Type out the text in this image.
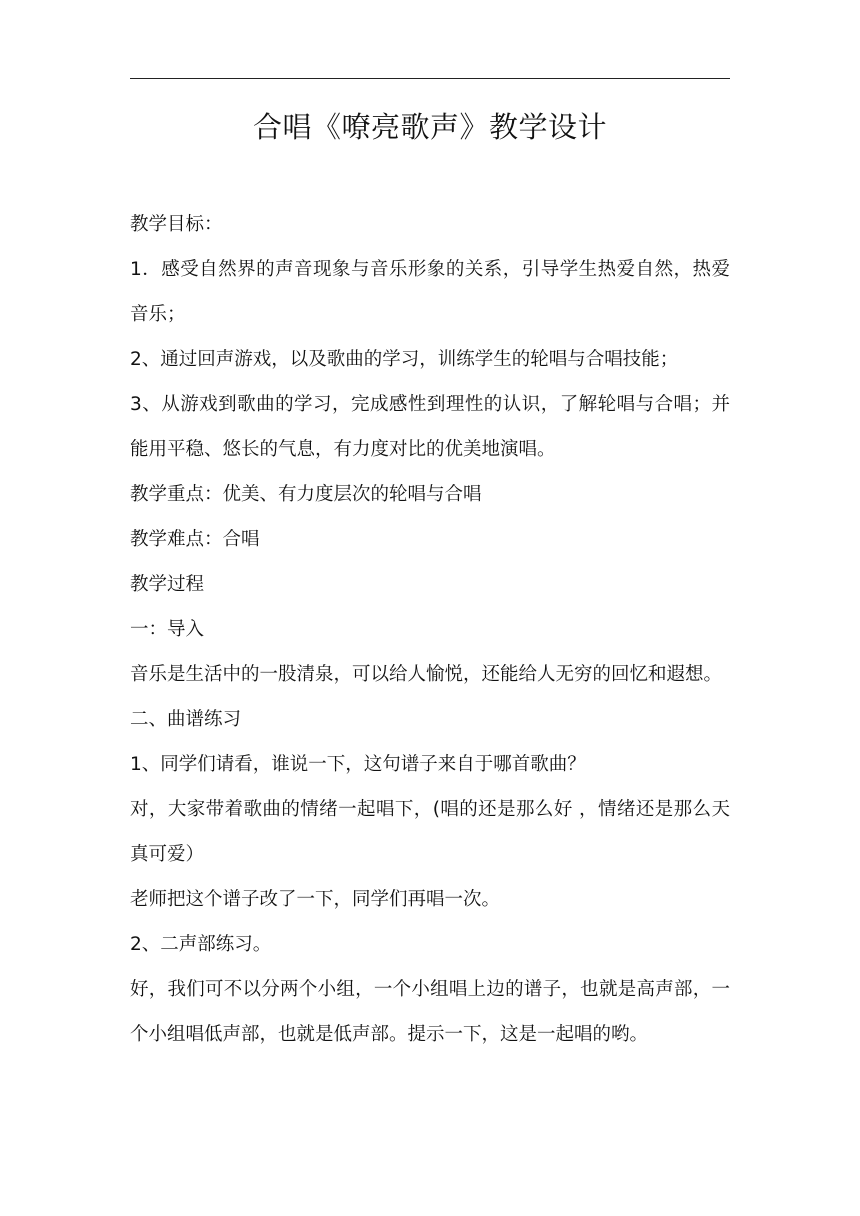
合唱《嘹亮歌声》教学设计

教学目标：

1．感受自然界的声音现象与音乐形象的关系，引导学生热爱自然，热爱音乐；

2、通过回声游戏，以及歌曲的学习，训练学生的轮唱与合唱技能；

3、从游戏到歌曲的学习，完成感性到理性的认识，了解轮唱与合唱；并能用平稳、悠长的气息，有力度对比的优美地演唱。

教学重点：优美、有力度层次的轮唱与合唱

教学难点：合唱

教学过程

一：导入

音乐是生活中的一股清泉，可以给人愉悦，还能给人无穷的回忆和遐想。

二、曲谱练习

1、同学们请看，谁说一下，这句谱子来自于哪首歌曲？

对，大家带着歌曲的情绪一起唱下，(唱的还是那么好 ，情绪还是那么天真可爱）

老师把这个谱子改了一下，同学们再唱一次。

2、二声部练习。

好，我们可不以分两个小组，一个小组唱上边的谱子，也就是高声部，一个小组唱低声部，也就是低声部。提示一下，这是一起唱的哟。
